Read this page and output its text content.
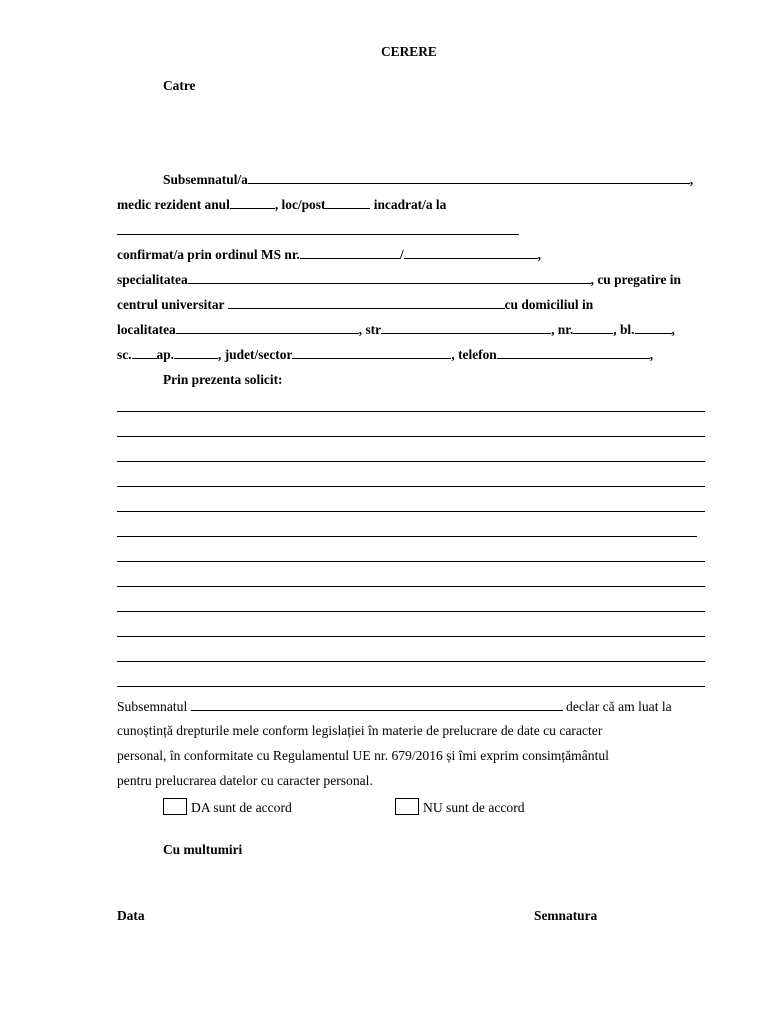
CERERE
Catre
Subsemnatul/a	,
medic rezident anul	, loc/post	incadrat/a la
confirmat/a prin ordinul MS nr.	/	,
specialitatea	, cu pregatire in
centrul universitar	cu domiciliul in
localitatea	, str	, nr.	, bl.	,
sc. ap.	, judet/sector	, telefon	,
Prin prezenta solicit:
Subsemnatul	declar că am luat la
cunoștință drepturile mele conform legislației în materie de prelucrare de date cu caracter
personal, în conformitate cu Regulamentul UE nr. 679/2016 și îmi exprim consimțământul
pentru prelucrarea datelor cu caracter personal.
DA sunt de accord	NU sunt de accord
Cu multumiri
Data	Semnatura
